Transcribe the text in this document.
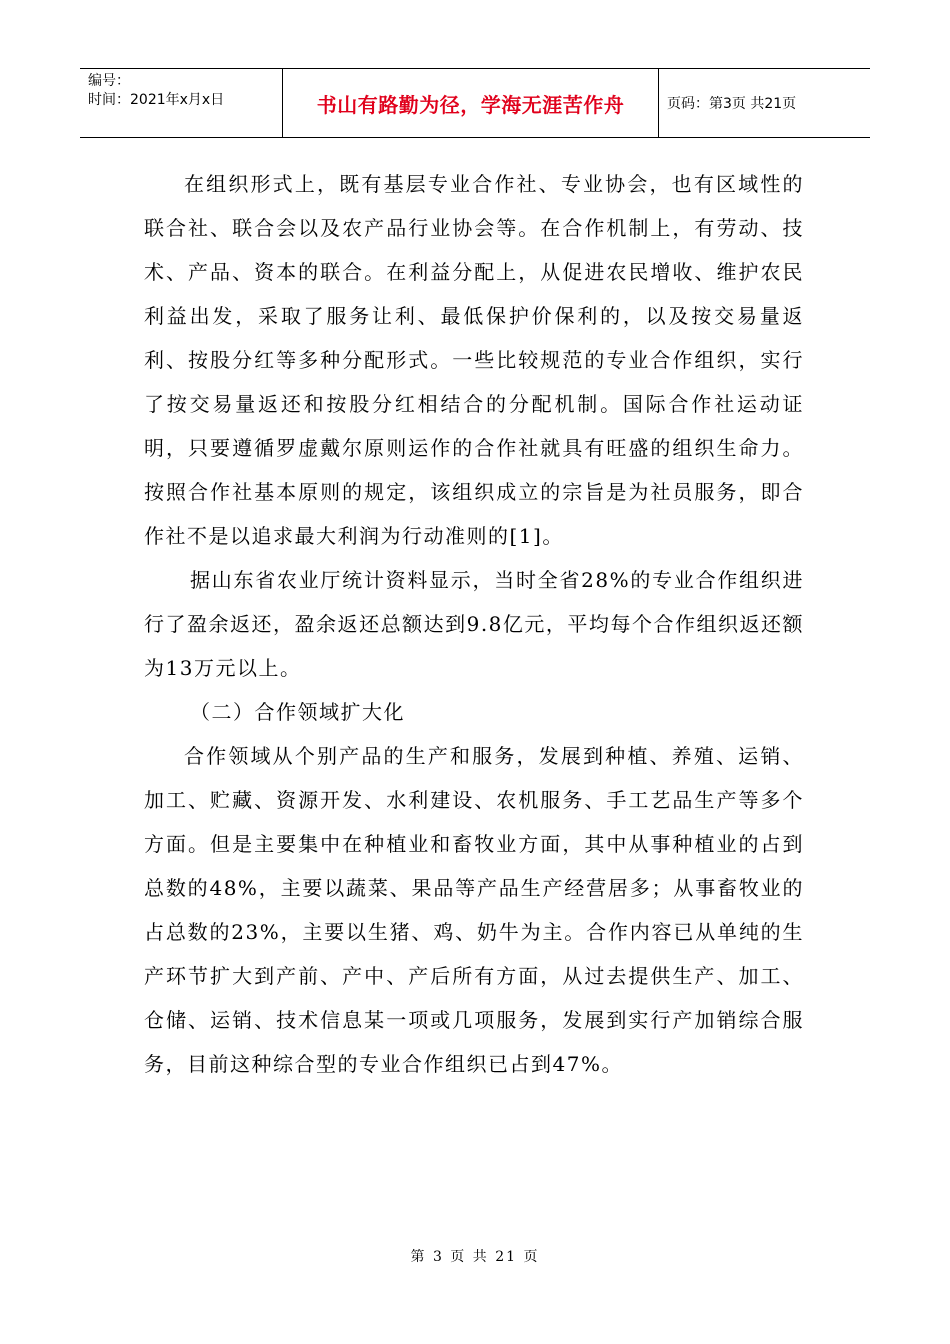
编号：
时间：2021年x月x日	书山有路勤为径，学海无涯苦作舟	页码：第3页 共21页

在组织形式上，既有基层专业合作社、专业协会，也有区域性的联合社、联合会以及农产品行业协会等。在合作机制上，有劳动、技术、产品、资本的联合。在利益分配上，从促进农民增收、维护农民利益出发，采取了服务让利、最低保护价保利的，以及按交易量返利、按股分红等多种分配形式。一些比较规范的专业合作组织，实行了按交易量返还和按股分红相结合的分配机制。国际合作社运动证明，只要遵循罗虚戴尔原则运作的合作社就具有旺盛的组织生命力。按照合作社基本原则的规定，该组织成立的宗旨是为社员服务，即合作社不是以追求最大利润为行动准则的[1]。

据山东省农业厅统计资料显示，当时全省28%的专业合作组织进行了盈余返还，盈余返还总额达到9.8亿元，平均每个合作组织返还额为13万元以上。

（二）合作领域扩大化

合作领域从个别产品的生产和服务，发展到种植、养殖、运销、加工、贮藏、资源开发、水利建设、农机服务、手工艺品生产等多个方面。但是主要集中在种植业和畜牧业方面，其中从事种植业的占到总数的48%，主要以蔬菜、果品等产品生产经营居多；从事畜牧业的占总数的23%，主要以生猪、鸡、奶牛为主。合作内容已从单纯的生产环节扩大到产前、产中、产后所有方面，从过去提供生产、加工、仓储、运销、技术信息某一项或几项服务，发展到实行产加销综合服务，目前这种综合型的专业合作组织已占到47%。

第 3 页 共 21 页
